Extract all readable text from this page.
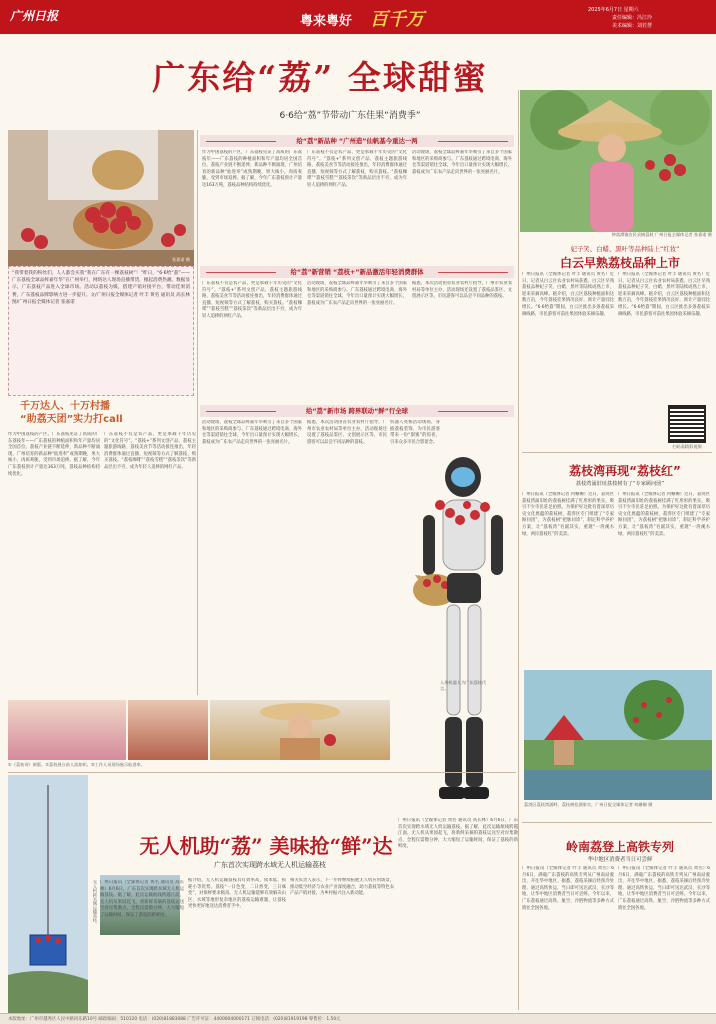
广州日报	粤来粤好 百千万	2025年6月7日 星期六
责任编辑：冯江玲
美术编辑：刘若慧
广东给“荔” 全球甜蜜
6·6给“荔”节带动广东佳果“消费季”
张嘉诺 摄
“我带着我的粉丝们，人人都会买我“我在广东有一棵荔枝树”！”昨日，“6·6给“荔”——广东荔枝全球品鲜嘉年华”在广州举行，网络达人现场直播带货，掀起消费热潮。数据显示，广东荔枝产品进入全球市场。活动以荔枝为媒，搭建产销对接平台，带动佳果消费，广东荔枝品牌影响力进一步提升。文/广州日报全媒体记者 叶丰 黄名 通讯员 高长林 图/广州日报全媒体记者 张嘉诺
给“荔”新品种 “广州造”仙帆基今重达一两
给“荔”新营销 “荔枝+”新品激活年轻消费群体
给“荔”新市场 跨界联动“鲜”行全球
作为中国荔枝的产区，广东荔枝见证了高质的广东荔枝年——广东荔枝的种植面积和年产量均居全国首位。荔枝产业链不断延伸，新品种不断涌现，广州培育的新品种“仙进奉”成熟期晚，果大核小，肉质爽脆，受到市场追捧。据了解，今年广东荔枝预计产量达163万吨，荔枝品种结构持续优化。
广东荔枝不仅是农产品，更是承载千年历史的“文化符号”。“荔枝+”系列文创产品、荔枝主题旅游线路、荔枝美食节等活动接连推出，年轻消费群体通过直播、短视频等方式了解荔枝、购买荔枝。“荔枝咖啡”“荔枝雪糕”“荔枝茶饮”等新品层出不穷，成为年轻人追捧的网红产品。
活动现场，荔枝全球品鲜嘉年华吸引了来自多个国家和地区的采购商参与。广东荔枝通过跨境电商、海外仓等渠道销往全球，今年出口量预计实现大幅增长，荔枝成为广东农产品走向世界的一张亮丽名片。
广东荔枝不仅是农产品，更是承载千年历史的“文化符号”。“荔枝+”系列文创产品、荔枝主题旅游线路、荔枝美食节等活动接连推出，年轻消费群体通过直播、短视频等方式了解荔枝、购买荔枝。“荔枝咖啡”“荔枝雪糕”“荔枝茶饮”等新品层出不穷，成为年轻人追捧的网红产品。
活动现场，荔枝全球品鲜嘉年华吸引了来自多个国家和地区的采购商参与。广东荔枝通过跨境电商、海外仓等渠道销往全球，今年出口量预计实现大幅增长，荔枝成为广东农产品走向世界的一张亮丽名片。
据悉，本次活动由省农业农村厅指导，广州市农业农村局等单位主办，活动现场还设置了荔枝品鉴区、文创展示区等，市民游客可以品尝不同品种的荔枝。
千万达人、十万村播
“助荔天团”实力打call
作为中国荔枝的产区，广东荔枝见证了高质的广东荔枝年——广东荔枝的种植面积和年产量均居全国首位。荔枝产业链不断延伸，新品种不断涌现，广州培育的新品种“仙进奉”成熟期晚，果大核小，肉质爽脆，受到市场追捧。据了解，今年广东荔枝预计产量达163万吨，荔枝品种结构持续优化。
广东荔枝不仅是农产品，更是承载千年历史的“文化符号”。“荔枝+”系列文创产品、荔枝主题旅游线路、荔枝美食节等活动接连推出，年轻消费群体通过直播、短视频等方式了解荔枝、购买荔枝。“荔枝咖啡”“荔枝雪糕”“荔枝茶饮”等新品层出不穷，成为年轻人追捧的网红产品。
活动现场，荔枝全球品鲜嘉年华吸引了来自多个国家和地区的采购商参与。广东荔枝通过跨境电商、海外仓等渠道销往全球，今年出口量预计实现大幅增长，荔枝成为广东农产品走向世界的一张亮丽名片。
据悉，本次活动由省农业农村厅指导，广州市农业农村局等单位主办，活动现场还设置了荔枝品鉴区、文创展示区等，市民游客可以品尝不同品种的荔枝。
机器人亮相活动现场，身披荔枝装饰，为市民游客带来一份“甜蜜”的惊喜，引来众多市民合影留念。
人形机器人为广东荔枝代言。
钟落潭镇农民采摘荔枝 广州日报全媒体记者 张嘉诺 摄
妃子笑、白蜡、黑叶等品种陆上“红妆”
白云早熟荔枝品种上市
广州日报讯（全媒体记者 叶丰 通讯员 黄名）近日，记者从白云区农业农村局获悉，白云区早熟荔枝品种妃子笑、白蜡、黑叶等陆续成熟上市，迎来采摘高峰。据介绍，白云区荔枝种植面积达数万亩，今年荔枝挂果情况良好，预计产量同比增长。“6·6给荔”期间，白云区推出多条荔枝采摘线路，市民游客可前往果园体验采摘乐趣。
广州日报讯（全媒体记者 叶丰 通讯员 黄名）近日，记者从白云区农业农村局获悉，白云区早熟荔枝品种妃子笑、白蜡、黑叶等陆续成熟上市，迎来采摘高峰。据介绍，白云区荔枝种植面积达数万亩，今年荔枝挂果情况良好，预计产量同比增长。“6·6给荔”期间，白云区推出多条荔枝采摘线路，市民游客可前往果园体验采摘乐趣。
扫码看精彩视频
荔枝湾再现“荔枝红”
荔枝湾涌旧址荔枝树有了“专家顾问团”
广州日报讯（全媒体记者 何姗姗）近日，荔湾区荔枝湾涌旧址的荔枝树挂满了红彤彤的果实，吸引不少市民驻足拍照。为保护好这批有着深厚历史文化底蕴的荔枝树，荔湾区专门组建了“专家顾问团”，为荔枝树“把脉问诊”，制定科学养护方案，让“荔枝湾”名副其实，重现“一湾溪水绿，两岸荔枝红”的美景。
广州日报讯（全媒体记者 何姗姗）近日，荔湾区荔枝湾涌旧址的荔枝树挂满了红彤彤的果实，吸引不少市民驻足拍照。为保护好这批有着深厚历史文化底蕴的荔枝树，荔湾区专门组建了“专家顾问团”，为荔枝树“把脉问诊”，制定科学养护方案，让“荔枝湾”名副其实，重现“一湾溪水绿，两岸荔枝红”的美景。
荔湾区荔枝湾涌畔，荔枝树挂满果实。广州日报全媒体记者 何姗姗 摄
①《荔枝诗》新版。②荔枝展台前人流如织。③工作人员现场展示仙进奉。
无人机跨水域运输荔枝。
无人机助“荔” 美味抢“鲜”达
广东首次实现跨水域无人机运输荔枝
广州日报讯（全媒体记者 黄名 通讯员 高长林）6月6日，广东首次实现跨水域无人机运输荔枝。据了解，此次运输航线跨越江面，无人机从果园起飞，将新鲜采摘的荔枝运送至对岸集散点，全程仅需数分钟，大大缩短了运输时间，保证了荔枝的新鲜度。
据介绍，无人机运输荔枝具有效率高、成本低、损耗小等优势。荔枝“一日色变，二日香变，三日味变”，对保鲜要求极高。无人机运输能够有效解决山区、水域等地形复杂地区的荔枝运输难题，让荔枝更快更好地送达消费者手中。
相关负责人表示，下一步将继续拓展无人机应用场景，推动低空经济与农业产业深度融合，助力荔枝等特色农产品产销对接，为乡村振兴注入新动能。
广州日报讯（全媒体记者 黄名 通讯员 高长林）6月6日，广东首次实现跨水域无人机运输荔枝。据了解，此次运输航线跨越江面，无人机从果园起飞，将新鲜采摘的荔枝运送至对岸集散点，全程仅需数分钟，大大缩短了运输时间，保证了荔枝的新鲜度。	岭南荔登上高铁专列
华中地区消费者当日可尝鲜
广州日报讯（全媒体记者 叶丰 通讯员 黄名）6月6日，满载广东荔枝的高铁专列从广州南站驶出，开往华中地区。据悉，荔枝采摘后经预冷处理，通过高铁快运，当日即可送达武汉、长沙等地，让华中地区消费者当日可尝鲜。今年以来，广东荔枝通过高铁、航空、冷链物流等多种方式销往全国各地。
广州日报讯（全媒体记者 叶丰 通讯员 黄名）6月6日，满载广东荔枝的高铁专列从广州南站驶出，开往华中地区。据悉，荔枝采摘后经预冷处理，通过高铁快运，当日即可送达武汉、长沙等地，让华中地区消费者当日可尝鲜。今年以来，广东荔枝通过高铁、航空、冷链物流等多种方式销往全国各地。
本版地址：广州市越秀区人民中路同乐路10号 邮政编码：510120 电话：(020)81883088 广告许可证：4400004000171 订阅电话：(020)81919198 零售价：1.50元
